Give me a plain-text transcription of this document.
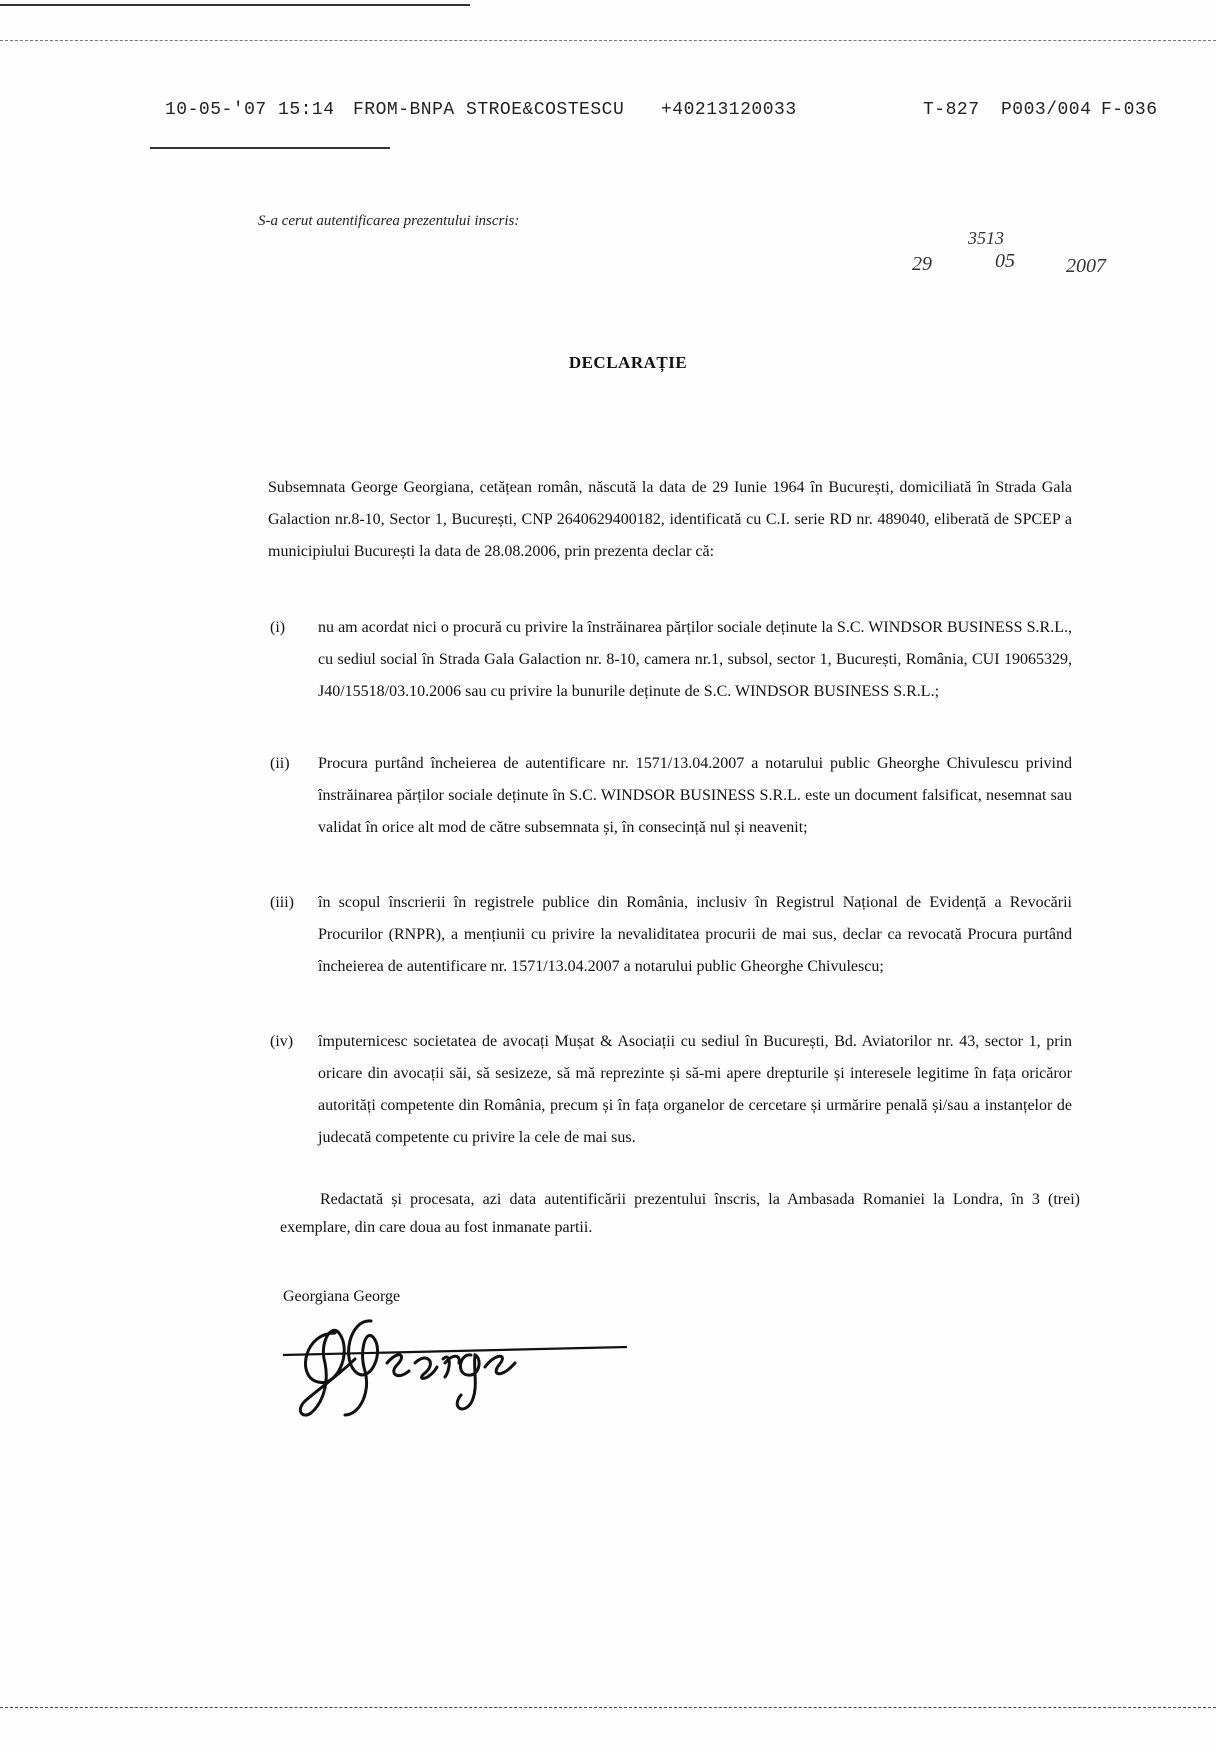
10-05-'07 15:14 FROM-BNPA STROE&COSTESCU +40213120033	T-827 P003/004 F-036
S-a cerut autentificarea prezentului inscris:
3513
29	05	2007
DECLARAȚIE
Subsemnata George Georgiana, cetățean român, născută la data de 29 Iunie 1964 în București, domiciliată în Strada Gala Galaction nr.8-10, Sector 1, București, CNP 2640629400182, identificată cu C.I. serie RD nr. 489040, eliberată de SPCEP a municipiului București la data de 28.08.2006, prin prezenta declar că:
(i) nu am acordat nici o procură cu privire la înstrăinarea părților sociale deținute la S.C. WINDSOR BUSINESS S.R.L., cu sediul social în Strada Gala Galaction nr. 8-10, camera nr.1, subsol, sector 1, București, România, CUI 19065329, J40/15518/03.10.2006 sau cu privire la bunurile deținute de S.C. WINDSOR BUSINESS S.R.L.;
(ii) Procura purtând încheierea de autentificare nr. 1571/13.04.2007 a notarului public Gheorghe Chivulescu privind înstrăinarea părților sociale deținute în S.C. WINDSOR BUSINESS S.R.L. este un document falsificat, nesemnat sau validat în orice alt mod de către subsemnata și, în consecință nul și neavenit;
(iii) în scopul înscrierii în registrele publice din România, inclusiv în Registrul Național de Evidență a Revocării Procurilor (RNPR), a mențiunii cu privire la nevaliditatea procurii de mai sus, declar ca revocată Procura purtând încheierea de autentificare nr. 1571/13.04.2007 a notarului public Gheorghe Chivulescu;
(iv) împuternicesc societatea de avocați Mușat & Asociații cu sediul în București, Bd. Aviatorilor nr. 43, sector 1, prin oricare din avocații săi, să sesizeze, să mă reprezinte și să-mi apere drepturile și interesele legitime în fața oricăror autorități competente din România, precum și în fața organelor de cercetare și urmărire penală și/sau a instanțelor de judecată competente cu privire la cele de mai sus.
Redactată și procesata, azi data autentificării prezentului înscris, la Ambasada Romaniei la Londra, în 3 (trei) exemplare, din care doua au fost inmanate partii.
Georgiana George
